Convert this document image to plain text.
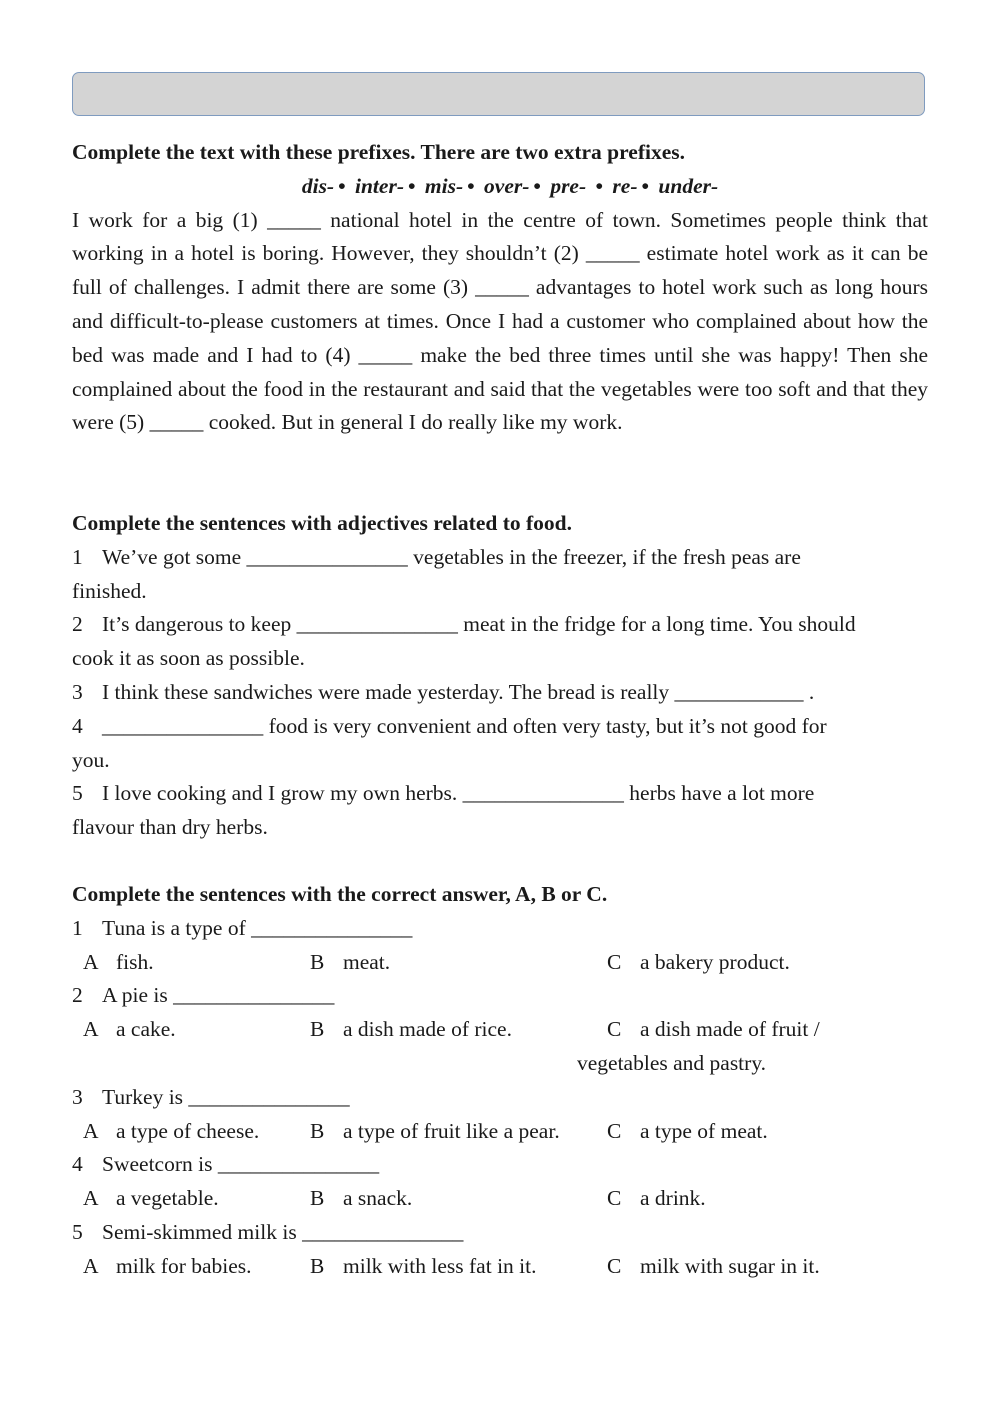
Complete the text with these prefixes. There are two extra prefixes.
dis- • inter- • mis- • over- • pre- • re- • under-
I work for a big (1) _____ national hotel in the centre of town. Sometimes people think that working in a hotel is boring. However, they shouldn’t (2) _____ estimate hotel work as it can be full of challenges. I admit there are some (3) _____ advantages to hotel work such as long hours and difficult-to-please customers at times. Once I had a customer who complained about how the bed was made and I had to (4) _____ make the bed three times until she was happy! Then she complained about the food in the restaurant and said that the vegetables were too soft and that they were (5) _____ cooked. But in general I do really like my work.
Complete the sentences with adjectives related to food.
1 We’ve got some _______________ vegetables in the freezer, if the fresh peas are
finished.
2 It’s dangerous to keep _______________ meat in the fridge for a long time. You should
cook it as soon as possible.
3 I think these sandwiches were made yesterday. The bread is really ____________ .
4 _______________ food is very convenient and often very tasty, but it’s not good for
you.
5 I love cooking and I grow my own herbs. _______________ herbs have a lot more
flavour than dry herbs.
Complete the sentences with the correct answer, A, B or C.
1 Tuna is a type of _______________
A fish.	B meat.	C a bakery product.
2 A pie is _______________
A a cake.	B a dish made of rice.	C a dish made of fruit /
vegetables and pastry.
3 Turkey is _______________
A a type of cheese. B a type of fruit like a pear. C a type of meat.
4 Sweetcorn is _______________
A a vegetable.	B a snack.	C a drink.
5 Semi-skimmed milk is _______________
A milk for babies.	B milk with less fat in it.	C milk with sugar in it.
